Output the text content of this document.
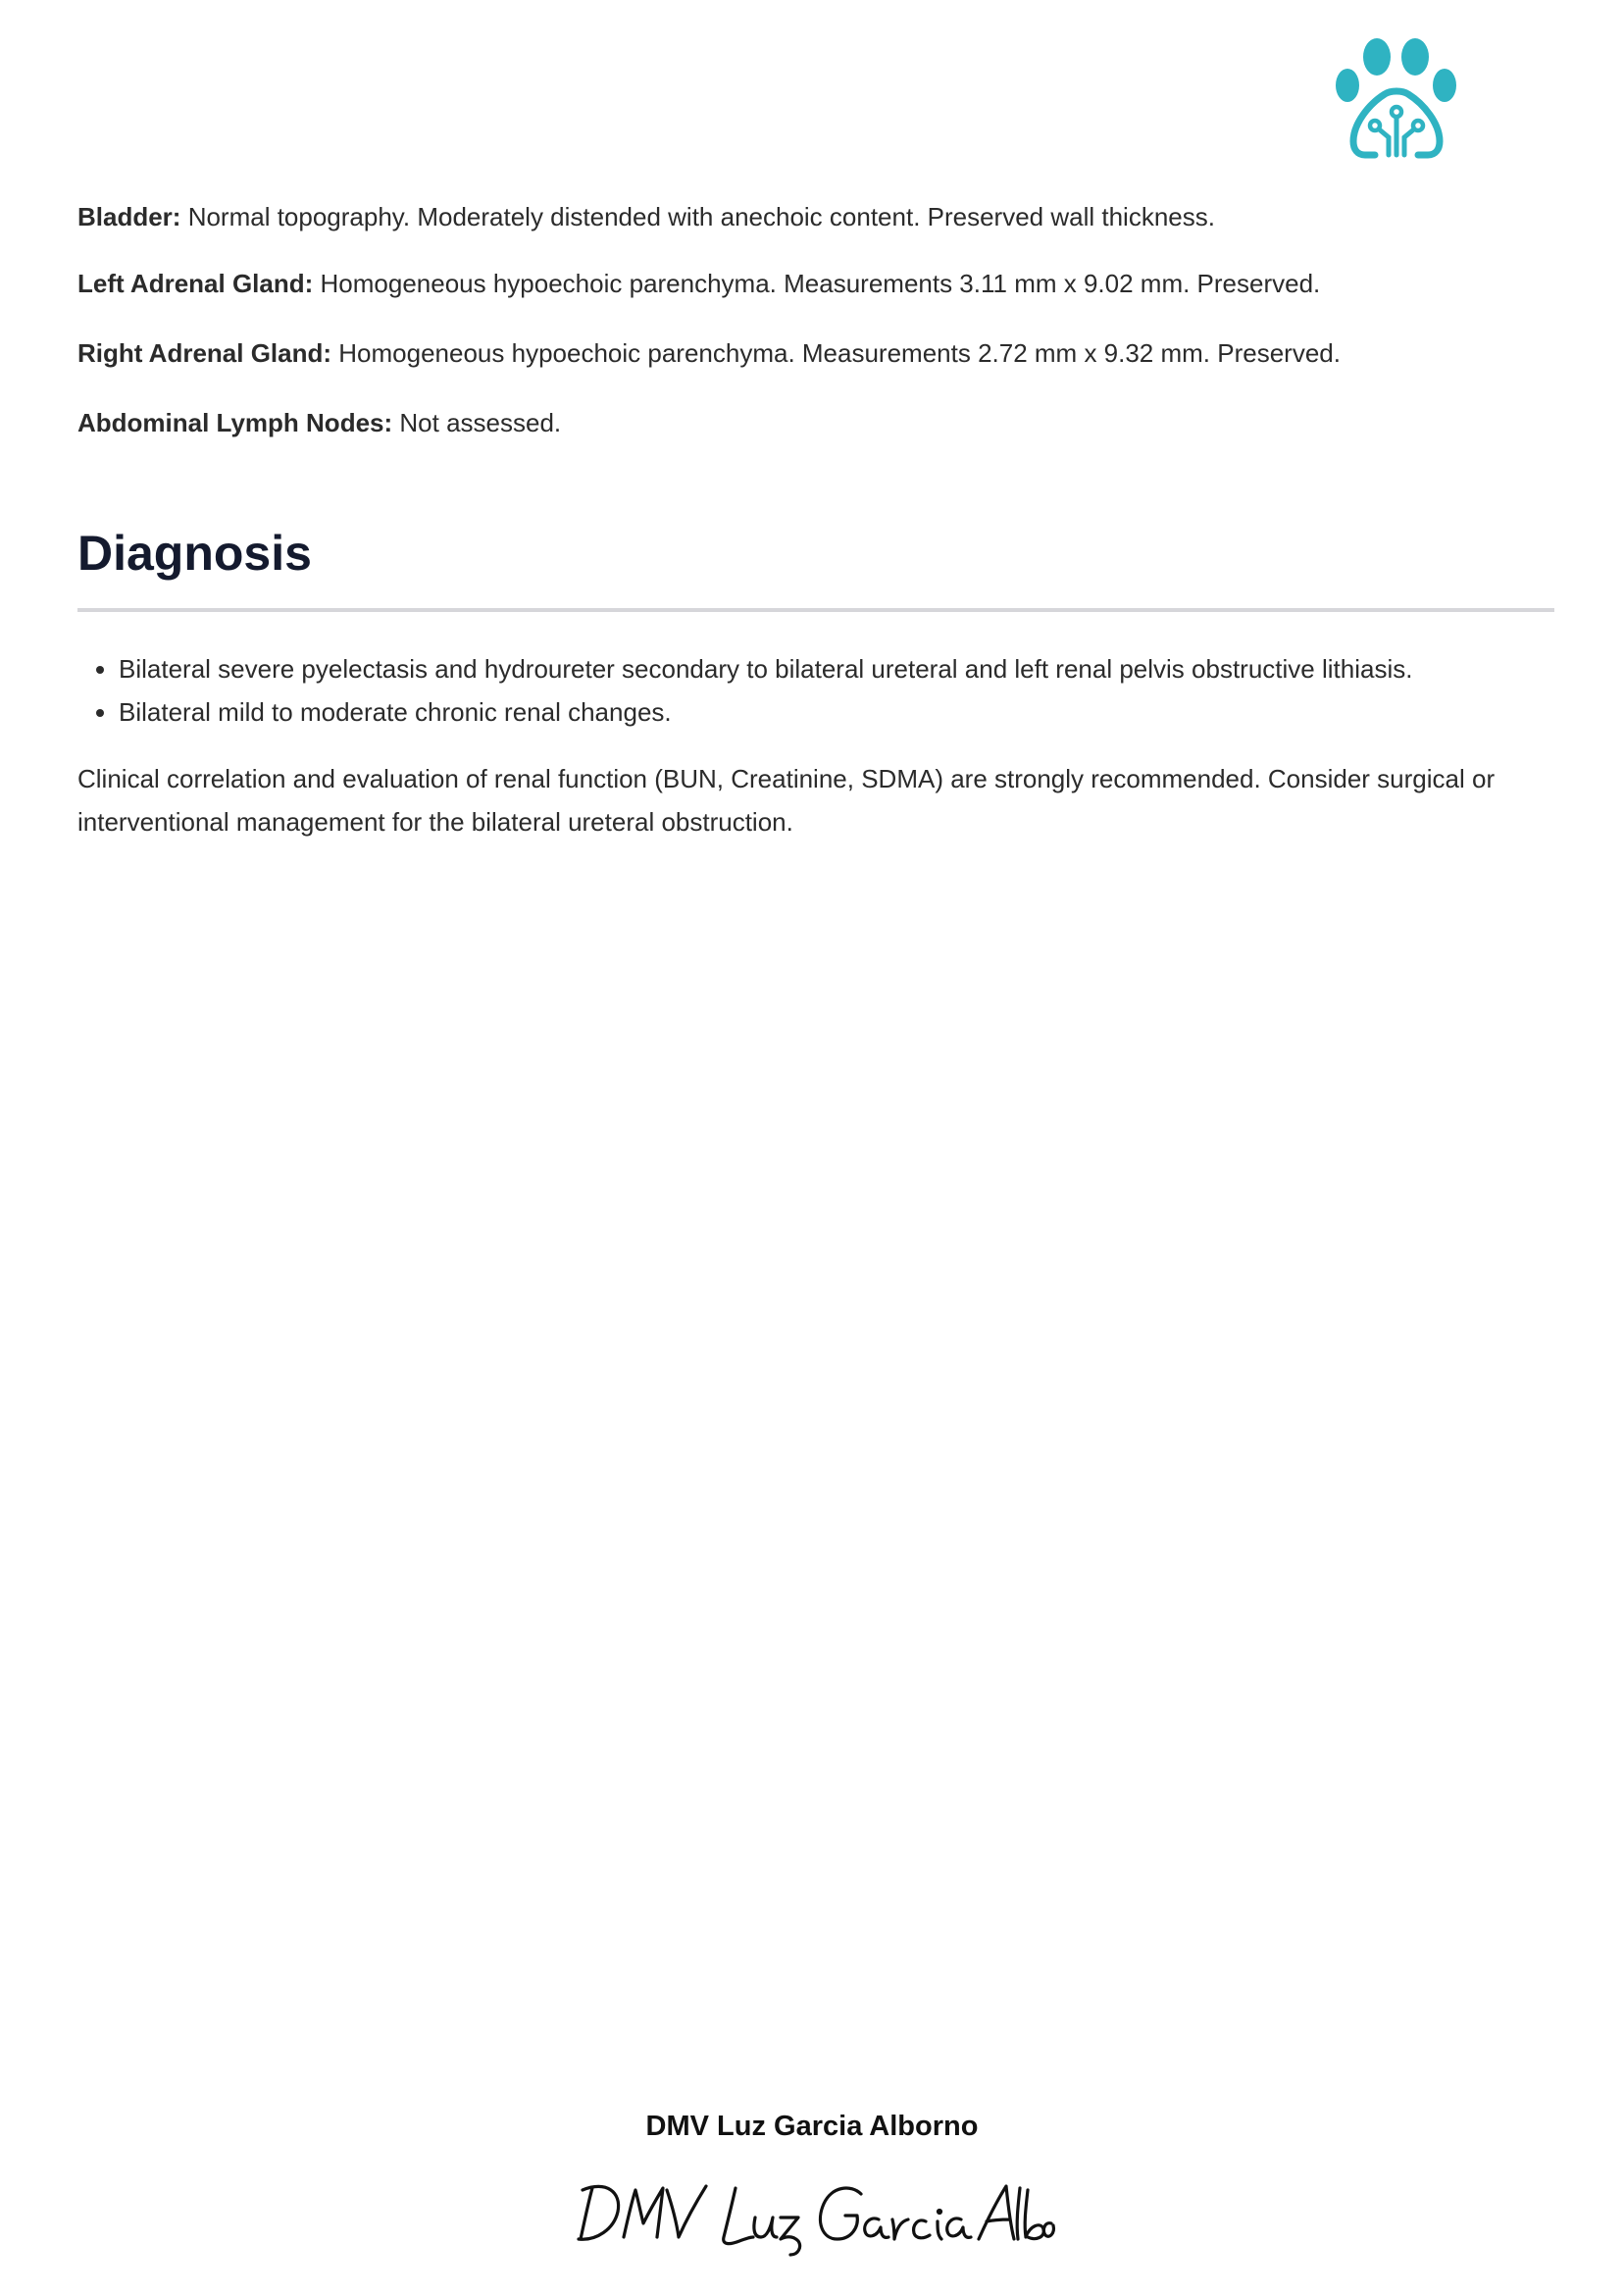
Bladder: Normal topography. Moderately distended with anechoic content. Preserved wall thickness.

Left Adrenal Gland: Homogeneous hypoechoic parenchyma. Measurements 3.11 mm x 9.02 mm. Preserved.

Right Adrenal Gland: Homogeneous hypoechoic parenchyma. Measurements 2.72 mm x 9.32 mm. Preserved.

Abdominal Lymph Nodes: Not assessed.

Diagnosis
• Bilateral severe pyelectasis and hydroureter secondary to bilateral ureteral and left renal pelvis obstructive lithiasis.
• Bilateral mild to moderate chronic renal changes.

Clinical correlation and evaluation of renal function (BUN, Creatinine, SDMA) are strongly recommended. Consider surgical or interventional management for the bilateral ureteral obstruction.

DMV Luz Garcia Alborno
